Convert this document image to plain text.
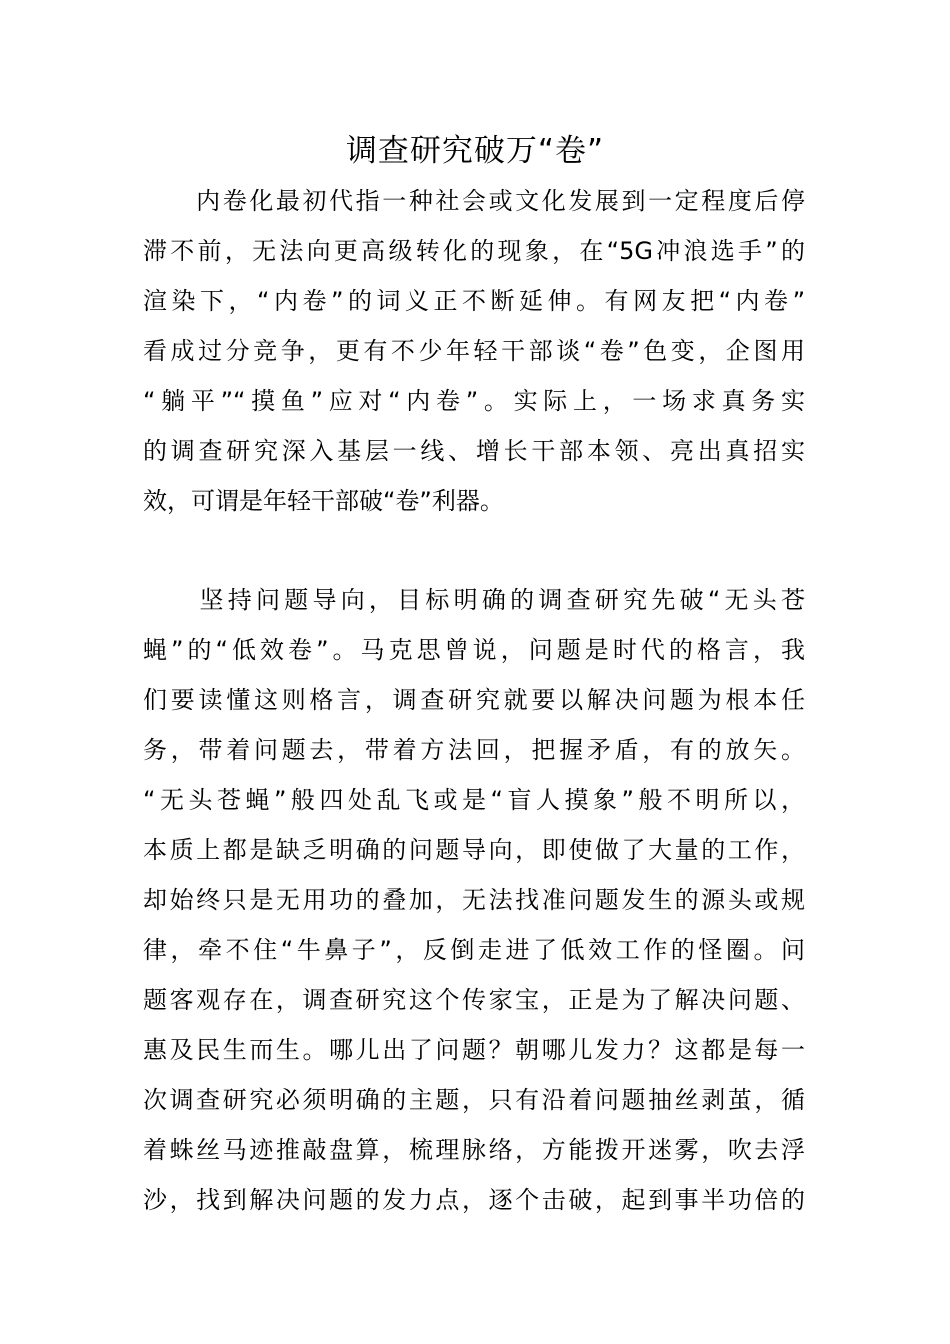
调查研究破万“卷”
　　内卷化最初代指一种社会或文化发展到一定程度后停
滞不前，无法向更高级转化的现象，在“5G冲浪选手”的
渲染下，“内卷”的词义正不断延伸。有网友把“内卷”
看成过分竞争，更有不少年轻干部谈“卷”色变，企图用
“躺平”“摸鱼”应对“内卷”。实际上，一场求真务实
的调查研究深入基层一线、增长干部本领、亮出真招实
效，可谓是年轻干部破“卷”利器。
　　坚持问题导向，目标明确的调查研究先破“无头苍
蝇”的“低效卷”。马克思曾说，问题是时代的格言，我
们要读懂这则格言，调查研究就要以解决问题为根本任
务，带着问题去，带着方法回，把握矛盾，有的放矢。
“无头苍蝇”般四处乱飞或是“盲人摸象”般不明所以，
本质上都是缺乏明确的问题导向，即使做了大量的工作，
却始终只是无用功的叠加，无法找准问题发生的源头或规
律，牵不住“牛鼻子”，反倒走进了低效工作的怪圈。问
题客观存在，调查研究这个传家宝，正是为了解决问题、
惠及民生而生。哪儿出了问题？朝哪儿发力？这都是每一
次调查研究必须明确的主题，只有沿着问题抽丝剥茧，循
着蛛丝马迹推敲盘算，梳理脉络，方能拨开迷雾，吹去浮
沙，找到解决问题的发力点，逐个击破，起到事半功倍的
